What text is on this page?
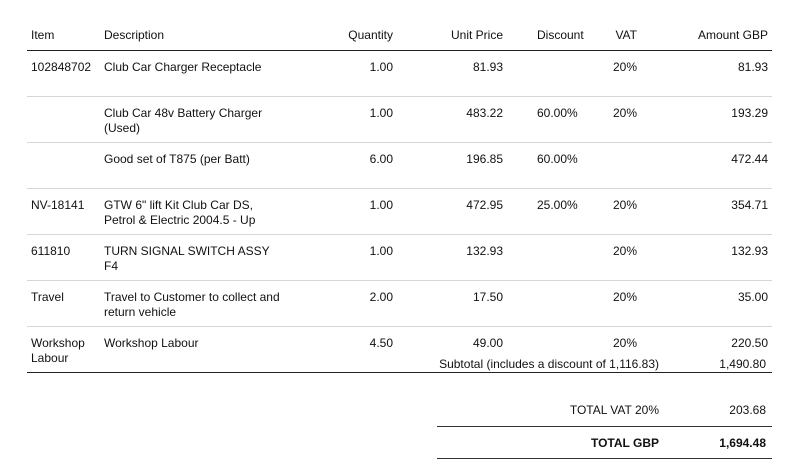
Item	Description	Quantity	Unit Price	Discount	VAT	Amount GBP
102848702	Club Car Charger Receptacle	1.00	81.93		20%	81.93
	Club Car 48v Battery Charger (Used)	1.00	483.22	60.00%	20%	193.29
	Good set of T875 (per Batt)	6.00	196.85	60.00%		472.44
NV-18141	GTW 6" lift Kit Club Car DS, Petrol & Electric 2004.5 - Up	1.00	472.95	25.00%	20%	354.71
611810	TURN SIGNAL SWITCH ASSY F4	1.00	132.93		20%	132.93
Travel	Travel to Customer to collect and return vehicle	2.00	17.50		20%	35.00
Workshop Labour	Workshop Labour	4.50	49.00		20%	220.50
Subtotal (includes a discount of 1,116.83)	1,490.80
TOTAL VAT 20%	203.68
TOTAL GBP	1,694.48
